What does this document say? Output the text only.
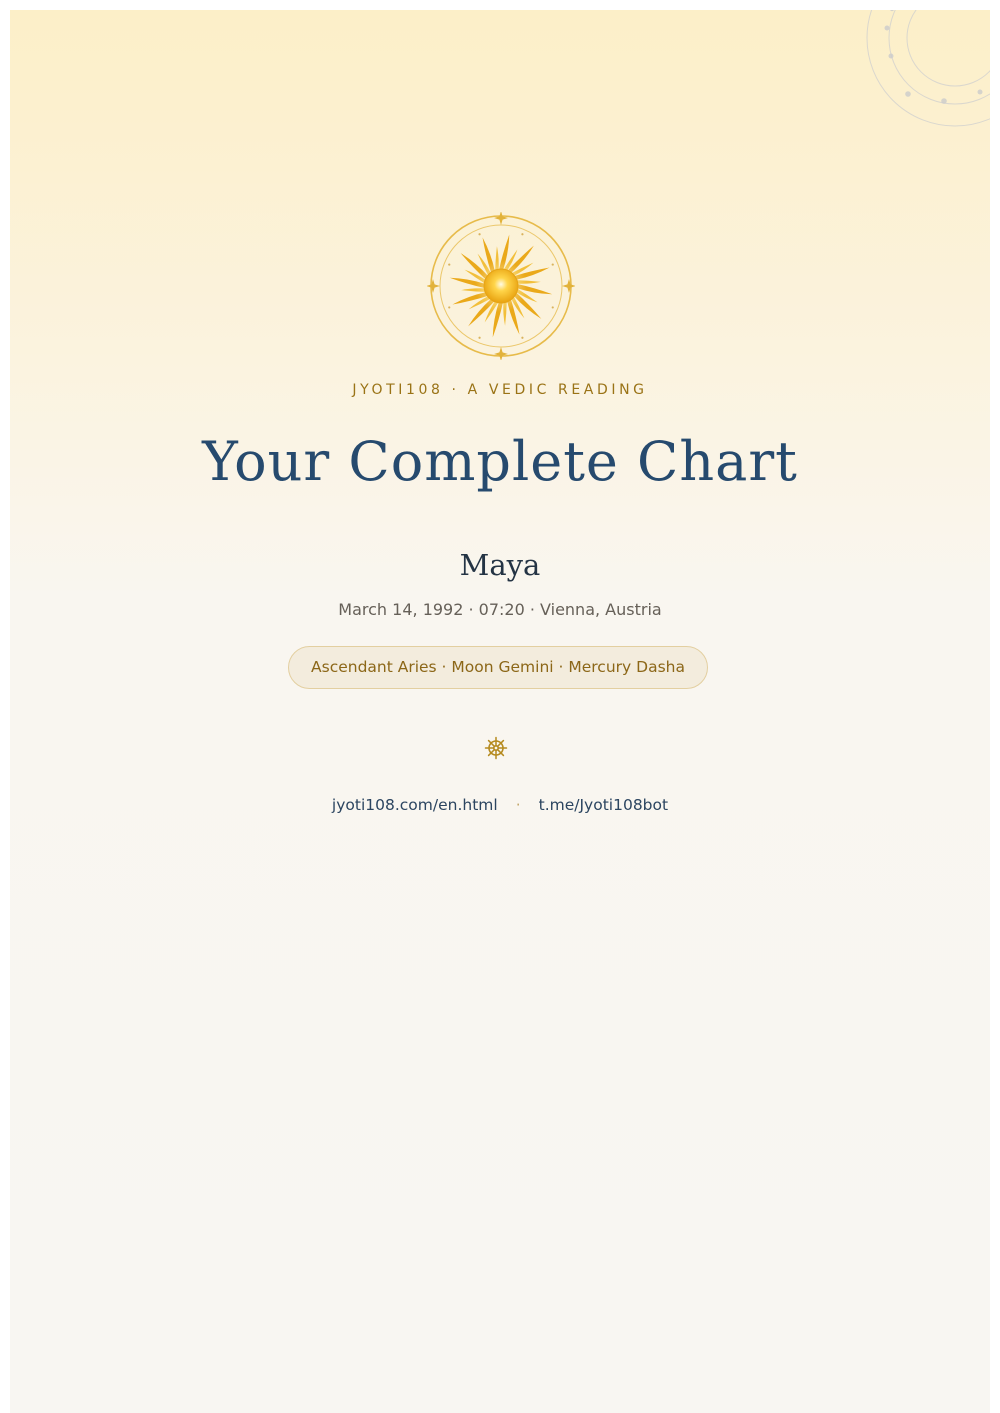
JYOTI108 · A VEDIC READING
Your Complete Chart
Maya
March 14, 1992 · 07:20 · Vienna, Austria
Ascendant Aries · Moon Gemini · Mercury Dasha
jyoti108.com/en.html · t.me/Jyoti108bot
